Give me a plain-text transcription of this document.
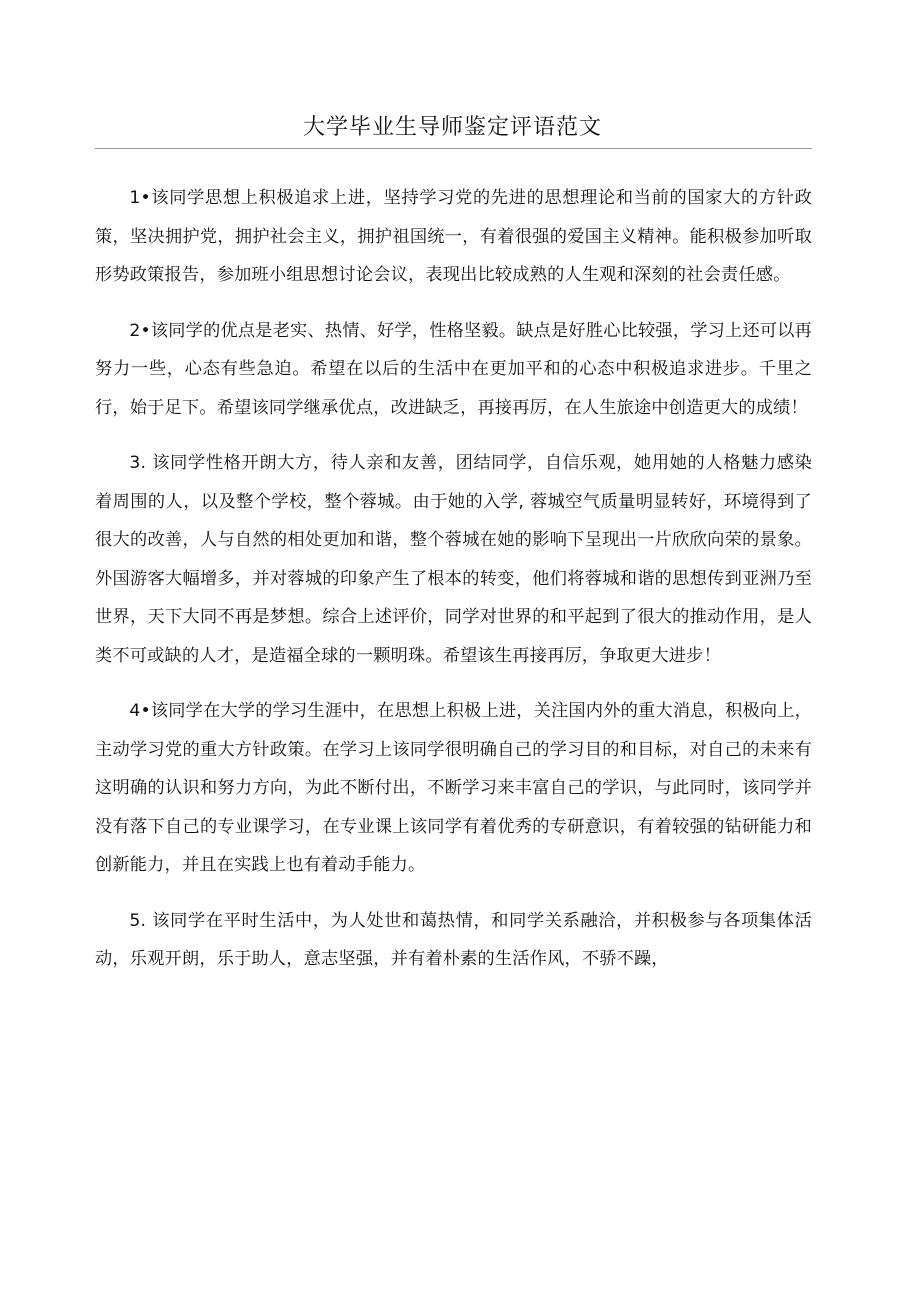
大学毕业生导师鉴定评语范文

1•该同学思想上积极追求上进，坚持学习党的先进的思想理论和当前的国家大的方针政策，坚决拥护党，拥护社会主义，拥护祖国统一，有着很强的爱国主义精神。能积极参加听取形势政策报告，参加班小组思想讨论会议，表现出比较成熟的人生观和深刻的社会责任感。

2•该同学的优点是老实、热情、好学，性格坚毅。缺点是好胜心比较强，学习上还可以再努力一些，心态有些急迫。希望在以后的生活中在更加平和的心态中积极追求进步。千里之行，始于足下。希望该同学继承优点，改进缺乏，再接再厉，在人生旅途中创造更大的成绩！

3. 该同学性格开朗大方，待人亲和友善，团结同学，自信乐观，她用她的人格魅力感染着周围的人，以及整个学校，整个蓉城。由于她的入学, 蓉城空气质量明显转好，环境得到了很大的改善，人与自然的相处更加和谐，整个蓉城在她的影响下呈现出一片欣欣向荣的景象。外国游客大幅增多，并对蓉城的印象产生了根本的转变，他们将蓉城和谐的思想传到亚洲乃至世界，天下大同不再是梦想。综合上述评价，同学对世界的和平起到了很大的推动作用，是人类不可或缺的人才，是造福全球的一颗明珠。希望该生再接再厉，争取更大进步！

4•该同学在大学的学习生涯中，在思想上积极上进，关注国内外的重大消息，积极向上，主动学习党的重大方针政策。在学习上该同学很明确自己的学习目的和目标，对自己的未来有这明确的认识和努力方向，为此不断付出，不断学习来丰富自己的学识，与此同时，该同学并没有落下自己的专业课学习，在专业课上该同学有着优秀的专研意识，有着较强的钻研能力和创新能力，并且在实践上也有着动手能力。

5. 该同学在平时生活中，为人处世和蔼热情，和同学关系融洽，并积极参与各项集体活动，乐观开朗，乐于助人，意志坚强，并有着朴素的生活作风，不骄不躁，
